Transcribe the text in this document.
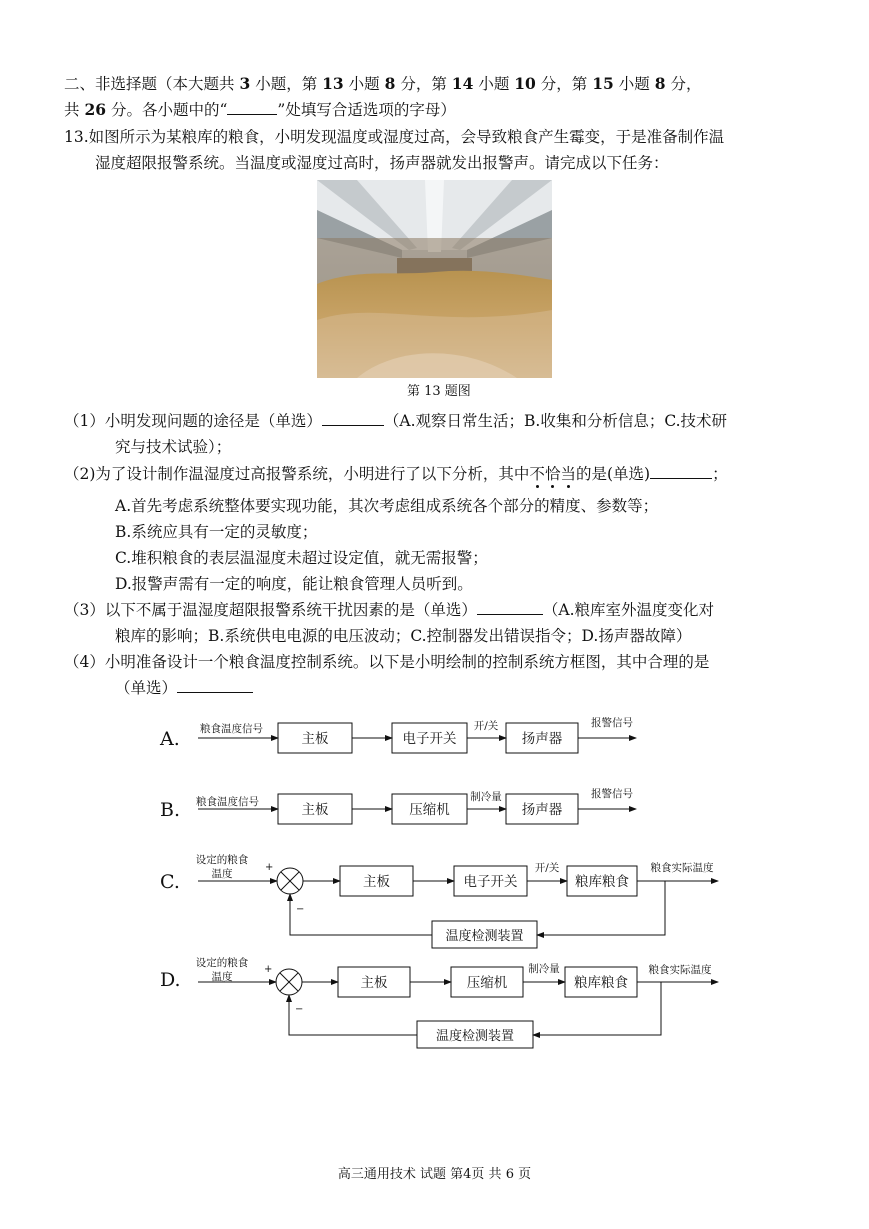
二、非选择题（本大题共 3 小题，第 13 小题 8 分，第 14 小题 10 分，第 15 小题 8 分，
共 26 分。各小题中的“	”处填写合适选项的字母）
13.如图所示为某粮库的粮食，小明发现温度或湿度过高，会导致粮食产生霉变，于是准备制作温
湿度超限报警系统。当温度或湿度过高时，扬声器就发出报警声。请完成以下任务：
第 13 题图
（1）小明发现问题的途径是（单选）	（A.观察日常生活；B.收集和分析信息；C.技术研
究与技术试验）；
（2)为了设计制作温湿度过高报警系统，小明进行了以下分析，其中不恰当的是(单选)	；
A.首先考虑系统整体要实现功能，其次考虑组成系统各个部分的精度、参数等；
B.系统应具有一定的灵敏度；
C.堆积粮食的表层温湿度未超过设定值，就无需报警；
D.报警声需有一定的响度，能让粮食管理人员听到。
（3）以下不属于温湿度超限报警系统干扰因素的是（单选）	（A.粮库室外温度变化对
粮库的影响；B.系统供电电源的电压波动；C.控制器发出错误指令；D.扬声器故障）
（4）小明准备设计一个粮食温度控制系统。以下是小明绘制的控制系统方框图，其中合理的是
（单选）
A. 粮食温度信号
主板	电子开关
开/关
扬声器
报警信号
B. 粮食温度信号	主板	压缩机
制冷量
扬声器
报警信号
C.
设定的粮食
温度
+
−
主板	电子开关
开/关
粮库粮食
粮食实际温度
温度检测装置
D.
设定的粮食
温度
+
−
主板	压缩机
制冷量
粮库粮食
粮食实际温度
温度检测装置
高三通用技术 试题 第4页 共 6 页
